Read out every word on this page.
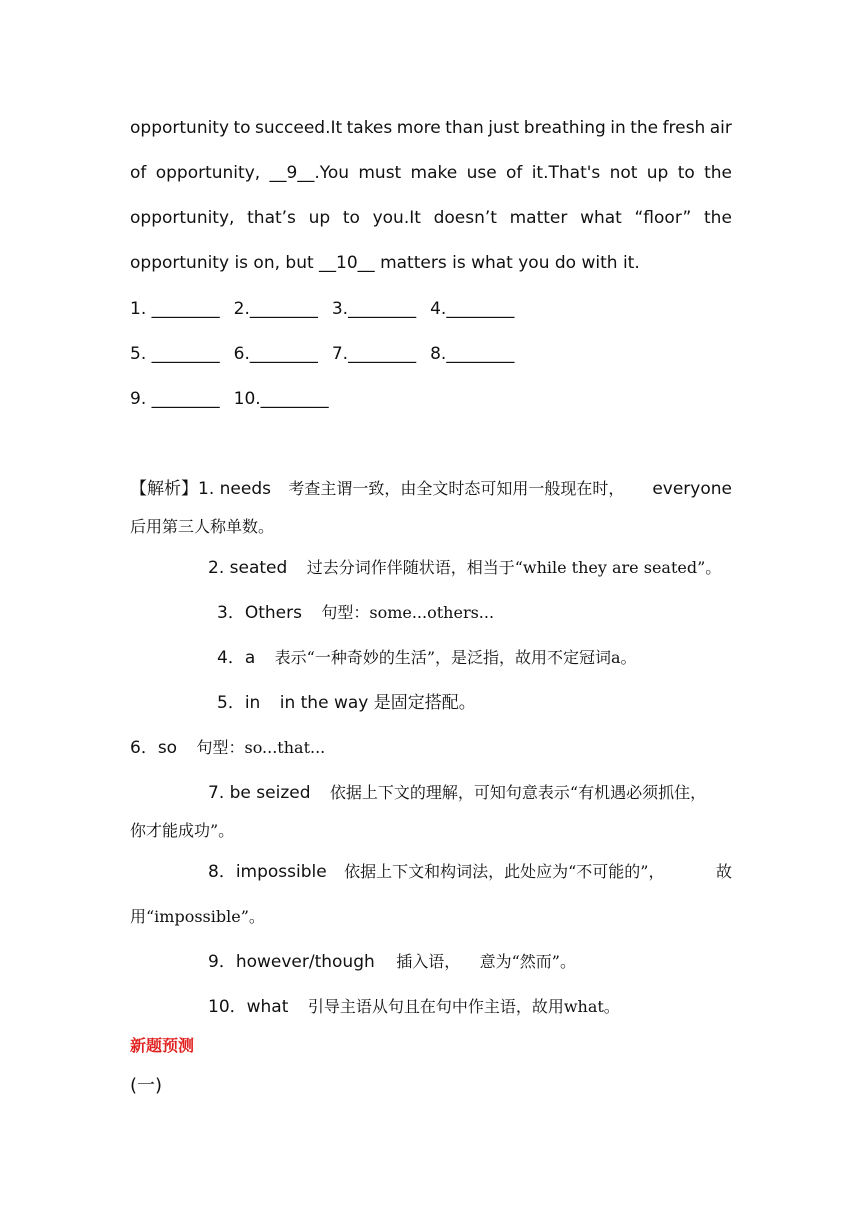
opportunity to succeed.It takes more than just breathing in the fresh air
of opportunity, __9__.You must make use of it.That's not up to the
opportunity, that’s up to you.It doesn’t matter what “floor” the
opportunity is on, but __10__ matters is what you do with it.
1. ________ 2.________ 3.________ 4.________
5. ________ 6.________ 7.________ 8.________
9. ________ 10.________
【解析】1. needs 考查主谓一致，由全文时态可知用一般现在时， everyone
后用第三人称单数。
2. seated 过去分词作伴随状语，相当于“while they are seated”。
3．Others 句型：some...others...
4．a 表示“一种奇妙的生活”，是泛指，故用不定冠词a。
5．in in the way 是固定搭配。
6．so 句型：so...that...
7. be seized 依据上下文的理解，可知句意表示“有机遇必须抓住，
你才能成功”。
8．impossible 依据上下文和构词法，此处应为“不可能的”，	故
用“impossible”。
9．however/though 插入语， 意为“然而”。
10．what 引导主语从句且在句中作主语，故用what。
新题预测
(一)
